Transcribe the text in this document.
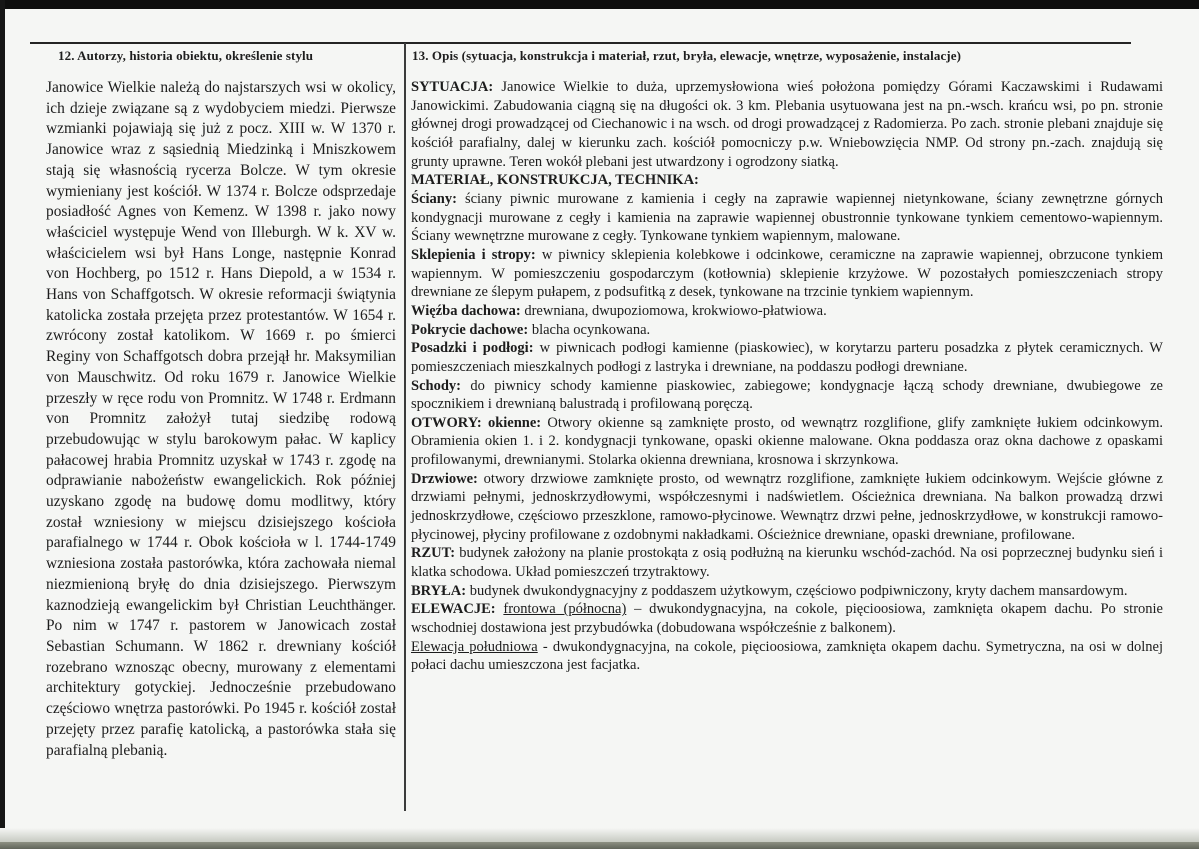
12. Autorzy, historia obiektu, określenie stylu	13. Opis (sytuacja, konstrukcja i materiał, rzut, bryła, elewacje, wnętrze, wyposażenie, instalacje)

Janowice Wielkie należą do najstarszych wsi w okolicy, ich dzieje związane są z wydobyciem miedzi. Pierwsze wzmianki pojawiają się już z pocz. XIII w. W 1370 r. Janowice wraz z sąsiednią Miedzinką i Mniszkowem stają się własnością rycerza Bolcze. W tym okresie wymieniany jest kościół. W 1374 r. Bolcze odsprzedaje posiadłość Agnes von Kemenz. W 1398 r. jako nowy właściciel występuje Wend von Illeburgh. W k. XV w. właścicielem wsi był Hans Longe, następnie Konrad von Hochberg, po 1512 r. Hans Diepold, a w 1534 r. Hans von Schaffgotsch. W okresie reformacji świątynia katolicka została przejęta przez protestantów. W 1654 r. zwrócony został katolikom. W 1669 r. po śmierci Reginy von Schaffgotsch dobra przejął hr. Maksymilian von Mauschwitz. Od roku 1679 r. Janowice Wielkie przeszły w ręce rodu von Promnitz. W 1748 r. Erdmann von Promnitz założył tutaj siedzibę rodową przebudowując w stylu barokowym pałac. W kaplicy pałacowej hrabia Promnitz uzyskał w 1743 r. zgodę na odprawianie nabożeństw ewangelickich. Rok później uzyskano zgodę na budowę domu modlitwy, który został wzniesiony w miejscu dzisiejszego kościoła parafialnego w 1744 r. Obok kościoła w l. 1744-1749 wzniesiona została pastorówka, która zachowała niemal niezmienioną bryłę do dnia dzisiejszego. Pierwszym kaznodzieją ewangelickim był Christian Leuchthänger. Po nim w 1747 r. pastorem w Janowicach został Sebastian Schumann. W 1862 r. drewniany kościół rozebrano wznosząc obecny, murowany z elementami architektury gotyckiej. Jednocześnie przebudowano częściowo wnętrza pastorówki. Po 1945 r. kościół został przejęty przez parafię katolicką, a pastorówka stała się parafialną plebanią.

SYTUACJA: Janowice Wielkie to duża, uprzemysłowiona wieś położona pomiędzy Górami Kaczawskimi i Rudawami Janowickimi. Zabudowania ciągną się na długości ok. 3 km. Plebania usytuowana jest na pn.-wsch. krańcu wsi, po pn. stronie głównej drogi prowadzącej od Ciechanowic i na wsch. od drogi prowadzącej z Radomierza. Po zach. stronie plebani znajduje się kościół parafialny, dalej w kierunku zach. kościół pomocniczy p.w. Wniebowzięcia NMP. Od strony pn.-zach. znajdują się grunty uprawne. Teren wokół plebani jest utwardzony i ogrodzony siatką.

MATERIAŁ, KONSTRUKCJA, TECHNIKA:

Ściany: ściany piwnic murowane z kamienia i cegły na zaprawie wapiennej nietynkowane, ściany zewnętrzne górnych kondygnacji murowane z cegły i kamienia na zaprawie wapiennej obustronnie tynkowane tynkiem cementowo-wapiennym. Ściany wewnętrzne murowane z cegły. Tynkowane tynkiem wapiennym, malowane.

Sklepienia i stropy: w piwnicy sklepienia kolebkowe i odcinkowe, ceramiczne na zaprawie wapiennej, obrzucone tynkiem wapiennym. W pomieszczeniu gospodarczym (kotłownia) sklepienie krzyżowe. W pozostałych pomieszczeniach stropy drewniane ze ślepym pułapem, z podsufitką z desek, tynkowane na trzcinie tynkiem wapiennym.

Więźba dachowa: drewniana, dwupoziomowa, krokwiowo-płatwiowa.

Pokrycie dachowe: blacha ocynkowana.

Posadzki i podłogi: w piwnicach podłogi kamienne (piaskowiec), w korytarzu parteru posadzka z płytek ceramicznych. W pomieszczeniach mieszkalnych podłogi z lastryka i drewniane, na poddaszu podłogi drewniane.

Schody: do piwnicy schody kamienne piaskowiec, zabiegowe; kondygnacje łączą schody drewniane, dwubiegowe ze spocznikiem i drewnianą balustradą i profilowaną poręczą.

OTWORY: okienne: Otwory okienne są zamknięte prosto, od wewnątrz rozglifione, glify zamknięte łukiem odcinkowym. Obramienia okien 1. i 2. kondygnacji tynkowane, opaski okienne malowane. Okna poddasza oraz okna dachowe z opaskami profilowanymi, drewnianymi. Stolarka okienna drewniana, krosnowa i skrzynkowa.

Drzwiowe: otwory drzwiowe zamknięte prosto, od wewnątrz rozglifione, zamknięte łukiem odcinkowym. Wejście główne z drzwiami pełnymi, jednoskrzydłowymi, współczesnymi i nadświetlem. Ościeżnica drewniana. Na balkon prowadzą drzwi jednoskrzydłowe, częściowo przeszklone, ramowo-płycinowe. Wewnątrz drzwi pełne, jednoskrzydłowe, w konstrukcji ramowo-płycinowej, płyciny profilowane z ozdobnymi nakładkami. Ościeżnice drewniane, opaski drewniane, profilowane.

RZUT: budynek założony na planie prostokąta z osią podłużną na kierunku wschód-zachód. Na osi poprzecznej budynku sień i klatka schodowa. Układ pomieszczeń trzytraktowy.

BRYŁA: budynek dwukondygnacyjny z poddaszem użytkowym, częściowo podpiwniczony, kryty dachem mansardowym.

ELEWACJE: frontowa (północna) – dwukondygnacyjna, na cokole, pięcioosiowa, zamknięta okapem dachu. Po stronie wschodniej dostawiona jest przybudówka (dobudowana współcześnie z balkonem).

Elewacja południowa - dwukondygnacyjna, na cokole, pięcioosiowa, zamknięta okapem dachu. Symetryczna, na osi w dolnej połaci dachu umieszczona jest facjatka.
